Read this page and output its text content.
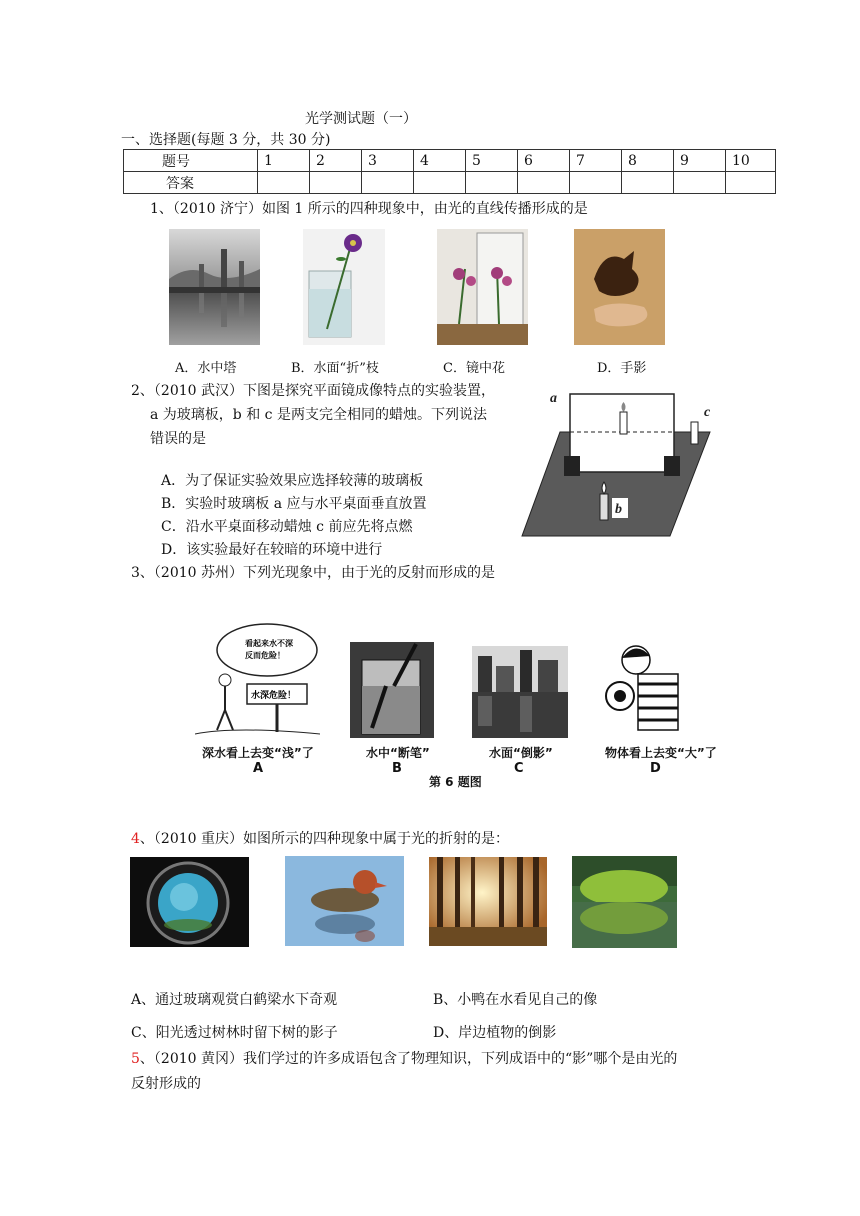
光学测试题（一）
一、选择题(每题 3 分，共 30 分)
题号	1	2	3	4	5	6	7	8	9	10
答案										
1、（2010 济宁）如图 1 所示的四种现象中，由光的直线传播形成的是
A．水中塔	B．水面“折”枝	C．镜中花	D．手影
2、（2010 武汉）下图是探究平面镜成像特点的实验装置，
a 为玻璃板，b 和 c 是两支完全相同的蜡烛。下列说法
错误的是
A．为了保证实验效果应选择较薄的玻璃板
B．实验时玻璃板 a 应与水平桌面垂直放置
C．沿水平桌面移动蜡烛 c 前应先将点燃
D．该实验最好在较暗的环境中进行
a
c
b
3、（2010 苏州）下列光现象中，由于光的反射而形成的是
看起来水不深
反而危险！
水深危险！
深水看上去变“浅”了	水中“断笔”	水面“倒影”	物体看上去变“大”了
A	B	C	D
第 6 题图
4、（2010 重庆）如图所示的四种现象中属于光的折射的是：
A、通过玻璃观赏白鹤梁水下奇观	B、小鸭在水看见自己的像
C、阳光透过树林时留下树的影子	D、岸边植物的倒影
5、（2010 黄冈）我们学过的许多成语包含了物理知识，下列成语中的“影”哪个是由光的
反射形成的
